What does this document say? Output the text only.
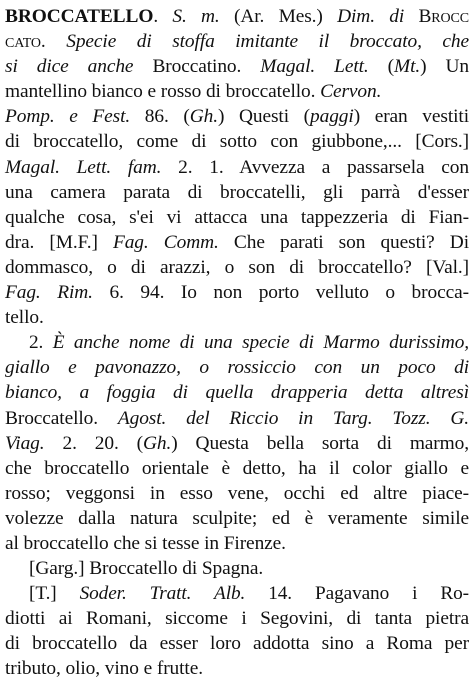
BROCCATELLO. S. m. (Ar. Mes.) Dim. di Brocc
cato. Specie di stoffa imitante il broccato, che
si dice anche Broccatino. Magal. Lett. (Mt.) Un
mantellino bianco e rosso di broccatello. Cervon.
Pomp. e Fest. 86. (Gh.) Questi (paggi) eran vestiti
di broccatello, come di sotto con giubbone,... [Cors.]
Magal. Lett. fam. 2. 1. Avvezza a passarsela con
una camera parata di broccatelli, gli parrà d'esser
qualche cosa, s'ei vi attacca una tappezzeria di Fian-
dra. [M.F.] Fag. Comm. Che parati son questi? Di
dommasco, o di arazzi, o son di broccatello? [Val.]
Fag. Rim. 6. 94. Io non porto velluto o brocca-
tello.
2. È anche nome di una specie di Marmo durissimo,
giallo e pavonazzo, o rossiccio con un poco di
bianco, a foggia di quella drapperia detta altresì
Broccatello. Agost. del Riccio in Targ. Tozz. G.
Viag. 2. 20. (Gh.) Questa bella sorta di marmo,
che broccatello orientale è detto, ha il color giallo e
rosso; veggonsi in esso vene, occhi ed altre piace-
volezze dalla natura sculpite; ed è veramente simile
al broccatello che si tesse in Firenze.
[Garg.] Broccatello di Spagna.
[T.] Soder. Tratt. Alb. 14. Pagavano i Ro-
diotti ai Romani, siccome i Segovini, di tanta pietra
di broccatello da esser loro addotta sino a Roma per
tributo, olio, vino e frutte.
